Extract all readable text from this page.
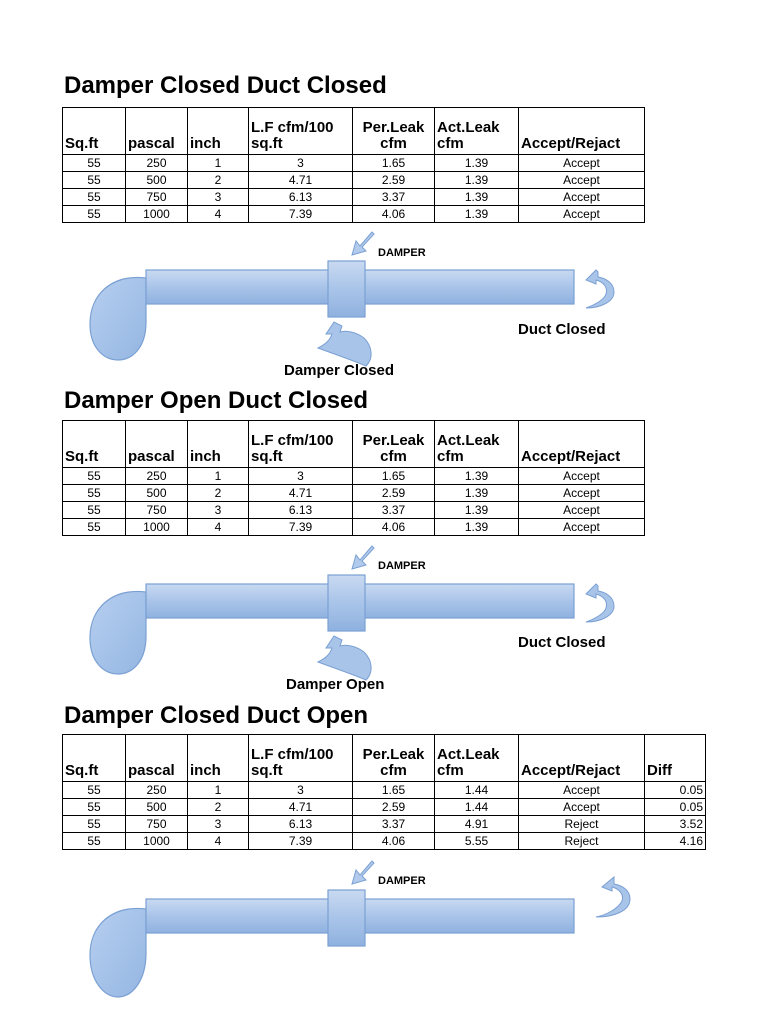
Damper Closed Duct Closed
Sq.ft	pascal	inch	L.F cfm/100 sq.ft	Per.Leak cfm	Act.Leak cfm	Accept/Rejact
55	250	1	3	1.65	1.39	Accept
55	500	2	4.71	2.59	1.39	Accept
55	750	3	6.13	3.37	1.39	Accept
55	1000	4	7.39	4.06	1.39	Accept
DAMPER
Duct Closed
Damper Closed
Damper Open Duct Closed
Sq.ft	pascal	inch	L.F cfm/100 sq.ft	Per.Leak cfm	Act.Leak cfm	Accept/Rejact
55	250	1	3	1.65	1.39	Accept
55	500	2	4.71	2.59	1.39	Accept
55	750	3	6.13	3.37	1.39	Accept
55	1000	4	7.39	4.06	1.39	Accept
DAMPER
Duct Closed
Damper Open
Damper Closed Duct Open
Sq.ft	pascal	inch	L.F cfm/100 sq.ft	Per.Leak cfm	Act.Leak cfm	Accept/Rejact	Diff
55	250	1	3	1.65	1.44	Accept	0.05
55	500	2	4.71	2.59	1.44	Accept	0.05
55	750	3	6.13	3.37	4.91	Reject	3.52
55	1000	4	7.39	4.06	5.55	Reject	4.16
DAMPER
